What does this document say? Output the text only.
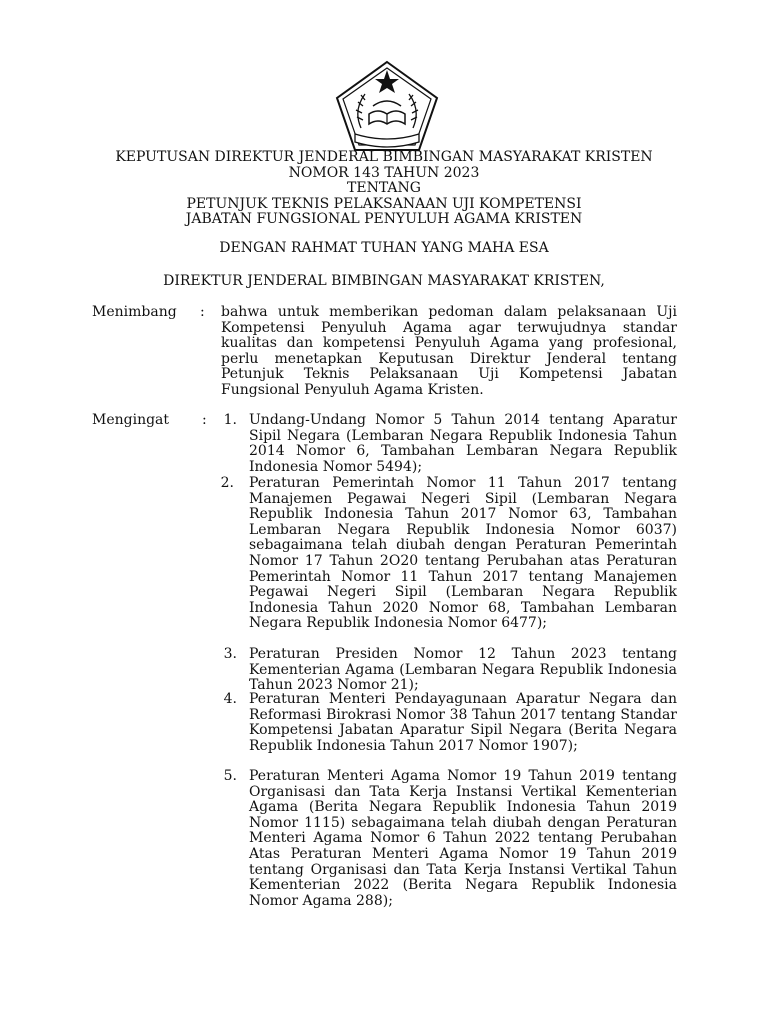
KEPUTUSAN DIREKTUR JENDERAL BIMBINGAN MASYARAKAT KRISTEN
NOMOR 143 TAHUN 2023
TENTANG
PETUNJUK TEKNIS PELAKSANAAN UJI KOMPETENSI
JABATAN FUNGSIONAL PENYULUH AGAMA KRISTEN
DENGAN RAHMAT TUHAN YANG MAHA ESA
DIREKTUR JENDERAL BIMBINGAN MASYARAKAT KRISTEN,
Menimbang : bahwa untuk memberikan pedoman dalam pelaksanaan Uji Kompetensi Penyuluh Agama agar terwujudnya standar kualitas dan kompetensi Penyuluh Agama yang profesional, perlu menetapkan Keputusan Direktur Jenderal tentang Petunjuk Teknis Pelaksanaan Uji Kompetensi Jabatan Fungsional Penyuluh Agama Kristen.
Mengingat :	1. Undang-Undang Nomor 5 Tahun 2014 tentang Aparatur Sipil Negara (Lembaran Negara Republik Indonesia Tahun 2014 Nomor 6, Tambahan Lembaran Negara Republik Indonesia Nomor 5494);
2. Peraturan Pemerintah Nomor 11 Tahun 2017 tentang Manajemen Pegawai Negeri Sipil (Lembaran Negara Republik Indonesia Tahun 2017 Nomor 63, Tambahan Lembaran Negara Republik Indonesia Nomor 6037) sebagaimana telah diubah dengan Peraturan Pemerintah Nomor 17 Tahun 2O20 tentang Perubahan atas Peraturan Pemerintah Nomor 11 Tahun 2017 tentang Manajemen Pegawai Negeri Sipil (Lembaran Negara Republik Indonesia Tahun 2020 Nomor 68, Tambahan Lembaran Negara Republik Indonesia Nomor 6477);
3. Peraturan Presiden Nomor 12 Tahun 2023 tentang Kementerian Agama (Lembaran Negara Republik Indonesia Tahun 2023 Nomor 21);
4. Peraturan Menteri Pendayagunaan Aparatur Negara dan Reformasi Birokrasi Nomor 38 Tahun 2017 tentang Standar Kompetensi Jabatan Aparatur Sipil Negara (Berita Negara Republik Indonesia Tahun 2017 Nomor 1907);
5. Peraturan Menteri Agama Nomor 19 Tahun 2019 tentang Organisasi dan Tata Kerja Instansi Vertikal Kementerian Agama (Berita Negara Republik Indonesia Tahun 2019 Nomor 1115) sebagaimana telah diubah dengan Peraturan Menteri Agama Nomor 6 Tahun 2022 tentang Perubahan Atas Peraturan Menteri Agama Nomor 19 Tahun 2019 tentang Organisasi dan Tata Kerja Instansi Vertikal Tahun Kementerian 2022 (Berita Negara Republik Indonesia Nomor Agama 288);
